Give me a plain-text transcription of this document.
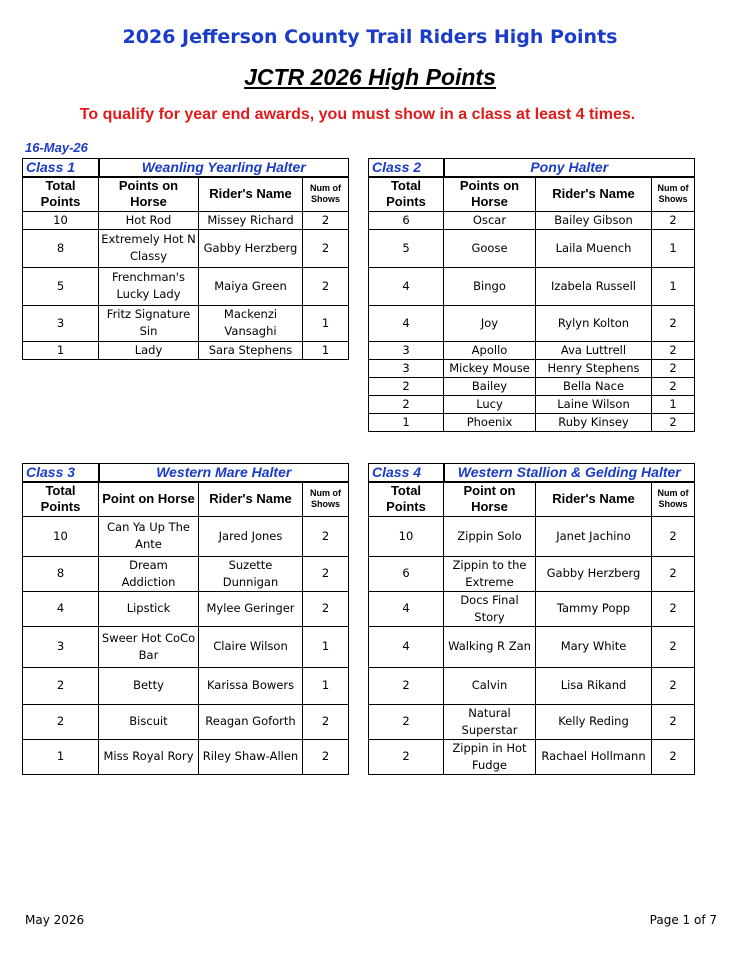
2026 Jefferson County Trail Riders High Points
JCTR 2026 High Points
To qualify for year end awards, you must show in a class at least 4 times.
16-May-26
Class 1	Weanling Yearling Halter		
Total Points	Points on Horse	Rider's Name	Num of Shows
10	Hot Rod	Missey Richard	2
8	Extremely Hot N Classy	Gabby Herzberg	2
5	Frenchman's Lucky Lady	Maiya Green	2
3	Fritz Signature Sin	Mackenzi Vansaghi	1
1	Lady	Sara Stephens	1
Class 2	Pony Halter		
Total Points	Points on Horse	Rider's Name	Num of Shows
6	Oscar	Bailey Gibson	2
5	Goose	Laila Muench	1
4	Bingo	Izabela Russell	1
4	Joy	Rylyn Kolton	2
3	Apollo	Ava Luttrell	2
3	Mickey Mouse	Henry Stephens	2
2	Bailey	Bella Nace	2
2	Lucy	Laine Wilson	1
1	Phoenix	Ruby Kinsey	2
Class 3	Western Mare Halter		
Total Points	Point on Horse	Rider's Name	Num of Shows
10	Can Ya Up The Ante	Jared Jones	2
8	Dream Addiction	Suzette Dunnigan	2
4	Lipstick	Mylee Geringer	2
3	Sweer Hot CoCo Bar	Claire Wilson	1
2	Betty	Karissa Bowers	1
2	Biscuit	Reagan Goforth	2
1	Miss Royal Rory	Riley Shaw-Allen	2
Class 4	Western Stallion & Gelding Halter		
Total Points	Point on Horse	Rider's Name	Num of Shows
10	Zippin Solo	Janet Jachino	2
6	Zippin to the Extreme	Gabby Herzberg	2
4	Docs Final Story	Tammy Popp	2
4	Walking R Zan	Mary White	2
2	Calvin	Lisa Rikand	2
2	Natural Superstar	Kelly Reding	2
2	Zippin in Hot Fudge	Rachael Hollmann	2
May 2026	Page 1 of 7
